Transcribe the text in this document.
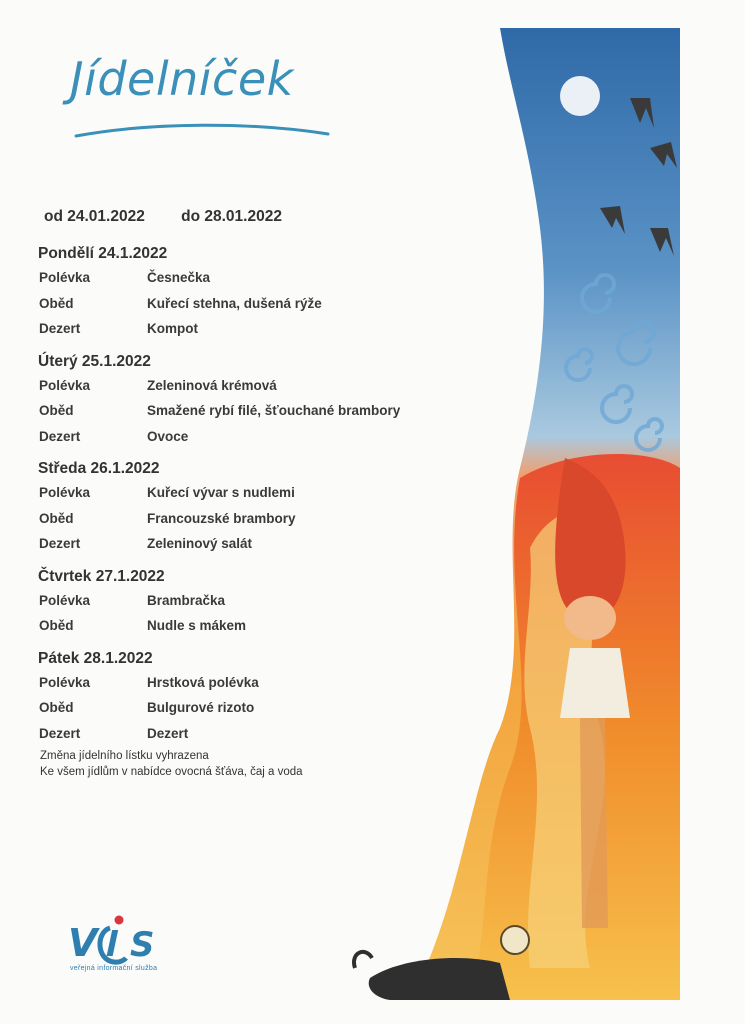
Jídelníček
od 24.01.2022 do 28.01.2022
Pondělí 24.1.2022
Polévka	Česnečka
Oběd	Kuřecí stehna, dušená rýže
Dezert	Kompot
Úterý 25.1.2022
Polévka	Zeleninová krémová
Oběd	Smažené rybí filé, šťouchané brambory
Dezert	Ovoce
Středa 26.1.2022
Polévka	Kuřecí vývar s nudlemi
Oběd	Francouzské brambory
Dezert	Zeleninový salát
Čtvrtek 27.1.2022
Polévka	Brambračka
Oběd	Nudle s mákem
Pátek 28.1.2022
Polévka	Hrstková polévka
Oběd	Bulgurové rizoto
Dezert	Dezert
Změna jídelního lístku vyhrazena
Ke všem jídlům v nabídce ovocná šťáva, čaj a voda
V S
veřejná informační služba
